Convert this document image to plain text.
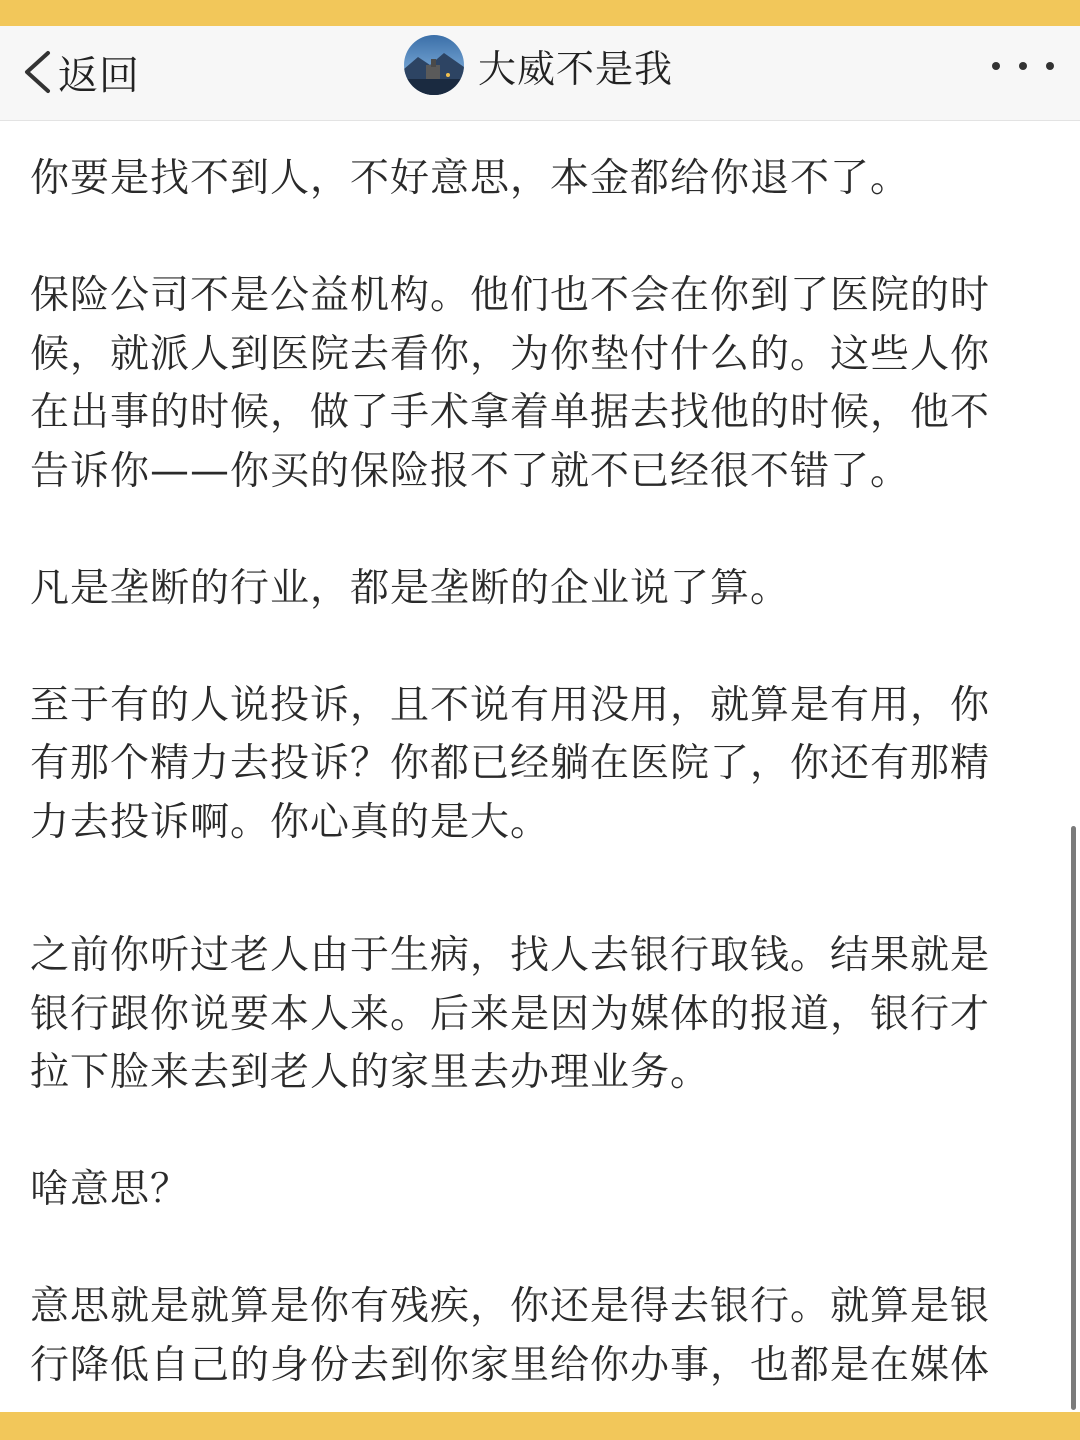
返回	大威不是我

你要是找不到人，不好意思，本金都给你退不了。

保险公司不是公益机构。他们也不会在你到了医院的时
候，就派人到医院去看你，为你垫付什么的。这些人你
在出事的时候，做了手术拿着单据去找他的时候，他不
告诉你——你买的保险报不了就不已经很不错了。

凡是垄断的行业，都是垄断的企业说了算。

至于有的人说投诉，且不说有用没用，就算是有用，你
有那个精力去投诉？你都已经躺在医院了，你还有那精
力去投诉啊。你心真的是大。

之前你听过老人由于生病，找人去银行取钱。结果就是
银行跟你说要本人来。后来是因为媒体的报道，银行才
拉下脸来去到老人的家里去办理业务。

啥意思？

意思就是就算是你有残疾，你还是得去银行。就算是银
行降低自己的身份去到你家里给你办事，也都是在媒体
